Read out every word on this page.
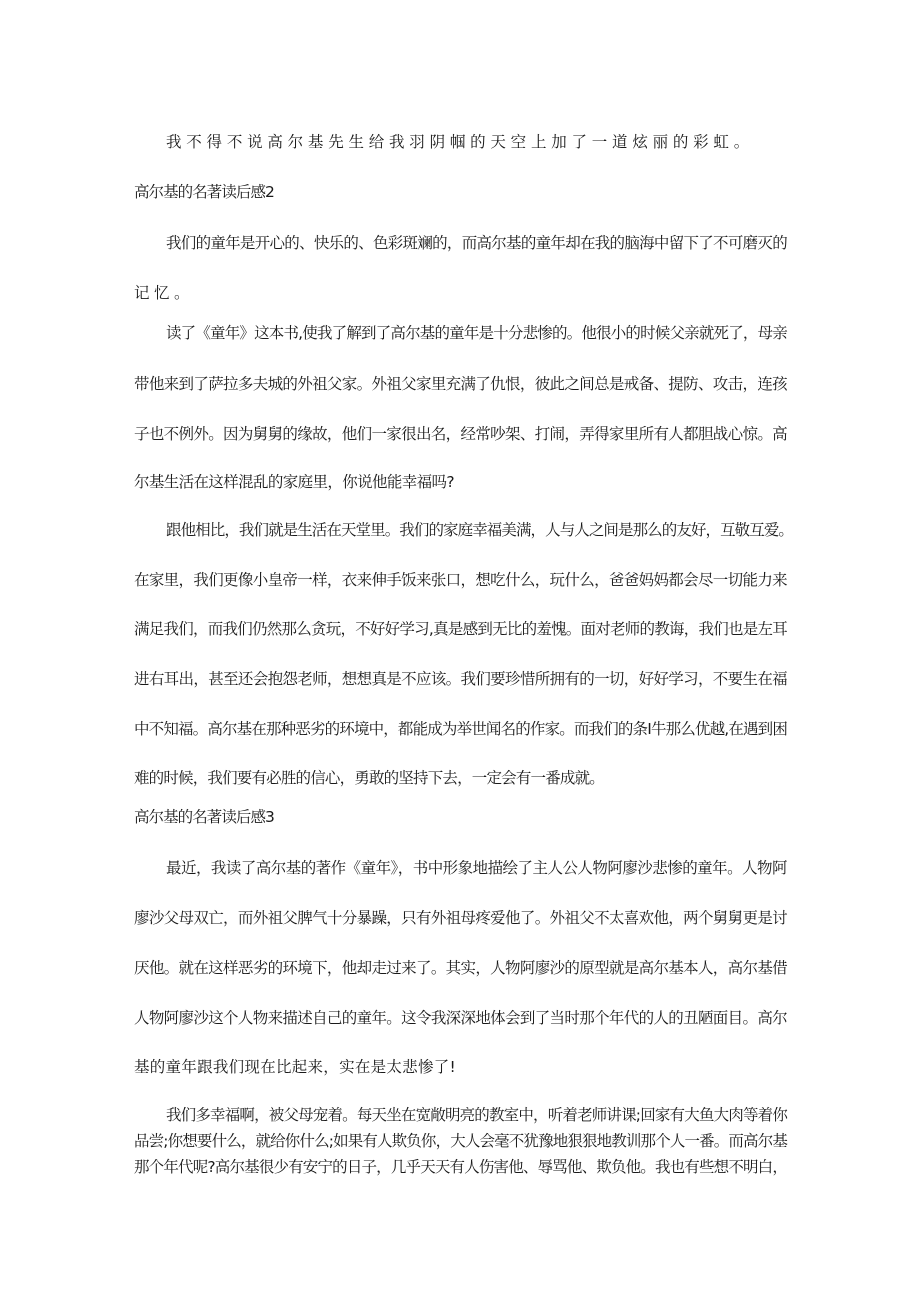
我不得不说高尔基先生给我羽阴帼的天空上加了一道炫丽的彩虹。
高尔基的名著读后感2
我们的童年是开心的、快乐的、色彩斑斓的，而高尔基的童年却在我的脑海中留下了不可磨灭的
记忆。
读了《童年》这本书,使我了解到了高尔基的童年是十分悲惨的。他很小的时候父亲就死了，母亲
带他来到了萨拉多夫城的外祖父家。外祖父家里充满了仇恨，彼此之间总是戒备、提防、攻击，连孩
子也不例外。因为舅舅的缘故，他们一家很出名，经常吵架、打闹，弄得家里所有人都胆战心惊。高
尔基生活在这样混乱的家庭里，你说他能幸福吗?
跟他相比，我们就是生活在天堂里。我们的家庭幸福美满，人与人之间是那么的友好，互敬互爱。
在家里，我们更像小皇帝一样，衣来伸手饭来张口，想吃什么，玩什么，爸爸妈妈都会尽一切能力来
满足我们，而我们仍然那么贪玩，不好好学习,真是感到无比的羞愧。面对老师的教诲，我们也是左耳
进右耳出，甚至还会抱怨老师，想想真是不应该。我们要珍惜所拥有的一切，好好学习，不要生在福
中不知福。高尔基在那种恶劣的环境中，都能成为举世闻名的作家。而我们的条I牛那么优越,在遇到困
难的时候，我们要有必胜的信心，勇敢的坚持下去，一定会有一番成就。
高尔基的名著读后感3
最近，我读了高尔基的著作《童年》，书中形象地描绘了主人公人物阿廖沙悲惨的童年。人物阿
廖沙父母双亡，而外祖父脾气十分暴躁，只有外祖母疼爱他了。外祖父不太喜欢他，两个舅舅更是讨
厌他。就在这样恶劣的环境下，他却走过来了。其实，人物阿廖沙的原型就是高尔基本人，高尔基借
人物阿廖沙这个人物来描述自己的童年。这令我深深地体会到了当时那个年代的人的丑陋面目。高尔
基的童年跟我们现在比起来，实在是太悲惨了!
我们多幸福啊，被父母宠着。每天坐在宽敞明亮的教室中，听着老师讲课;回家有大鱼大肉等着你
品尝;你想要什么，就给你什么;如果有人欺负你，大人会毫不犹豫地狠狠地教训那个人一番。而高尔基
那个年代呢?高尔基很少有安宁的日子，几乎天天有人伤害他、辱骂他、欺负他。我也有些想不明白，
